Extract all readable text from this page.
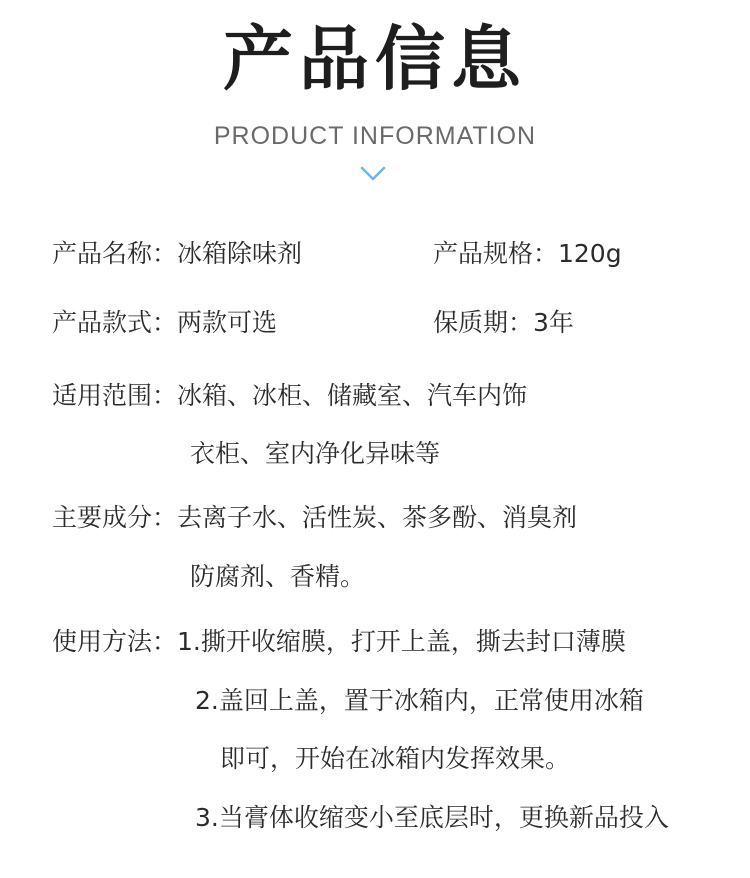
产品信息
PRODUCT INFORMATION
产品名称：冰箱除味剂	产品规格：120g
产品款式：两款可选	保质期：3年
适用范围：冰箱、冰柜、储藏室、汽车内饰
衣柜、室内净化异味等
主要成分：去离子水、活性炭、茶多酚、消臭剂
防腐剂、香精。
使用方法：1.撕开收缩膜，打开上盖，撕去封口薄膜
2.盖回上盖，置于冰箱内，正常使用冰箱
即可，开始在冰箱内发挥效果。
3.当膏体收缩变小至底层时，更换新品投入
